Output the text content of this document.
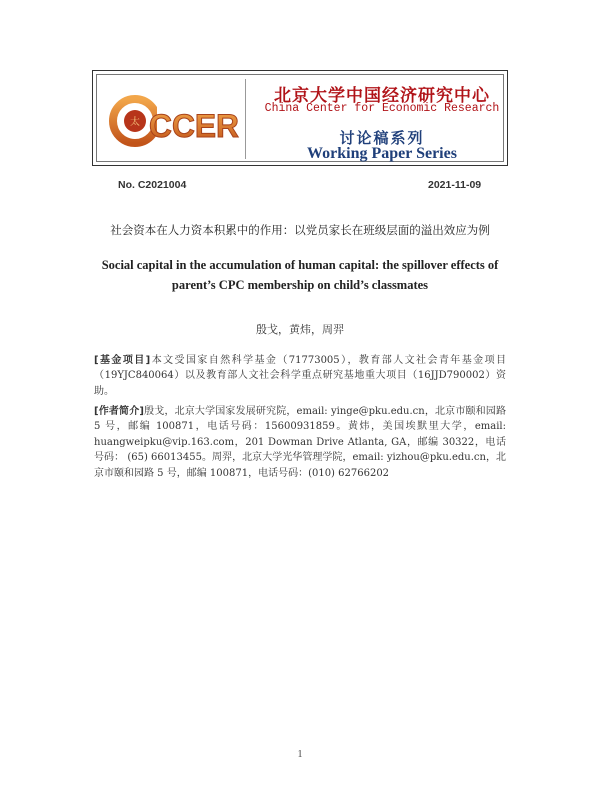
太 CCER
北京大学中国经济研究中心
China Center for Economic Research
讨论稿系列
Working Paper Series
No. C2021004	2021-11-09
社会资本在人力资本积累中的作用：以党员家长在班级层面的溢出效应为例
Social capital in the accumulation of human capital: the spillover effects of parent’s CPC membership on child’s classmates
殷戈，黄炜，周羿
[基金项目]本文受国家自然科学基金（71773005），教育部人文社会青年基金项目（19YJC840064）以及教育部人文社会科学重点研究基地重大项目（16JJD790002）资助。
[作者简介]殷戈，北京大学国家发展研究院，email: yinge@pku.edu.cn，北京市颐和园路 5 号，邮编 100871，电话号码：15600931859。黄炜，美国埃默里大学，email: huangweipku@vip.163.com，201 Dowman Drive Atlanta, GA，邮编 30322，电话号码： (65) 66013455。周羿，北京大学光华管理学院，email: yizhou@pku.edu.cn，北京市颐和园路 5 号，邮编 100871，电话号码：(010) 62766202
1
